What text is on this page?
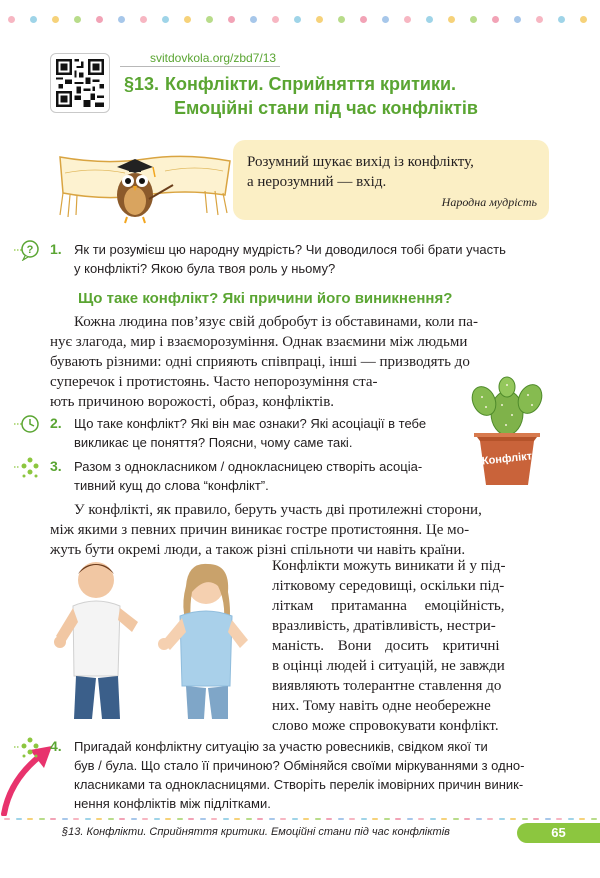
svitdovkola.org/zbd7/13
§13. Конфлікти. Сприйняття критики.
Емоційні стани під час конфліктів
Розумний шукає вихід із конфлікту,
а нерозумний — вхід.
Народна мудрість
? 1. Як ти розумієш цю народну мудрість? Чи доводилося тобі брати участь
у конфлікті? Якою була твоя роль у ньому?
Що таке конфлікт? Які причини його виникнення?
Кожна людина пов’язує свій добробут із обставинами, коли па-
нує злагода, мир і взаєморозуміння. Однак взаємини між людьми
бувають різними: одні сприяють співпраці, інші — призводять до
суперечок і протистоянь. Часто непорозуміння ста-
ють причиною ворожості, образ, конфліктів.
Конфлікт
2. Що таке конфлікт? Які він має ознаки? Які асоціації в тебе
викликає це поняття? Поясни, чому саме такі.
3. Разом з однокласником / однокласницею створіть асоціа-
тивний кущ до слова “конфлікт”.
У конфлікті, як правило, беруть участь дві протилежні сторони,
між якими з певних причин виникає гостре протистояння. Це мо-
жуть бути окремі люди, а також різні спільноти чи навіть країни.
Конфлікти можуть виникати й у під-
літковому середовищі, оскільки під-
літкам притаманна емоційність,
вразливість, дратівливість, нестри-
маність. Вони досить критичні
в оцінці людей і ситуацій, не завжди
виявляють толерантне ставлення до
них. Тому навіть одне необережне
слово може спровокувати конфлікт.
4. Пригадай конфліктну ситуацію за участю ровесників, свідком якої ти
був / була. Що стало її причиною? Обміняйся своїми міркуваннями з одно-
класниками та однокласницями. Створіть перелік імовірних причин виник-
нення конфліктів між підлітками.
§13. Конфлікти. Сприйняття критики. Емоційні стани під час конфліктів	65
